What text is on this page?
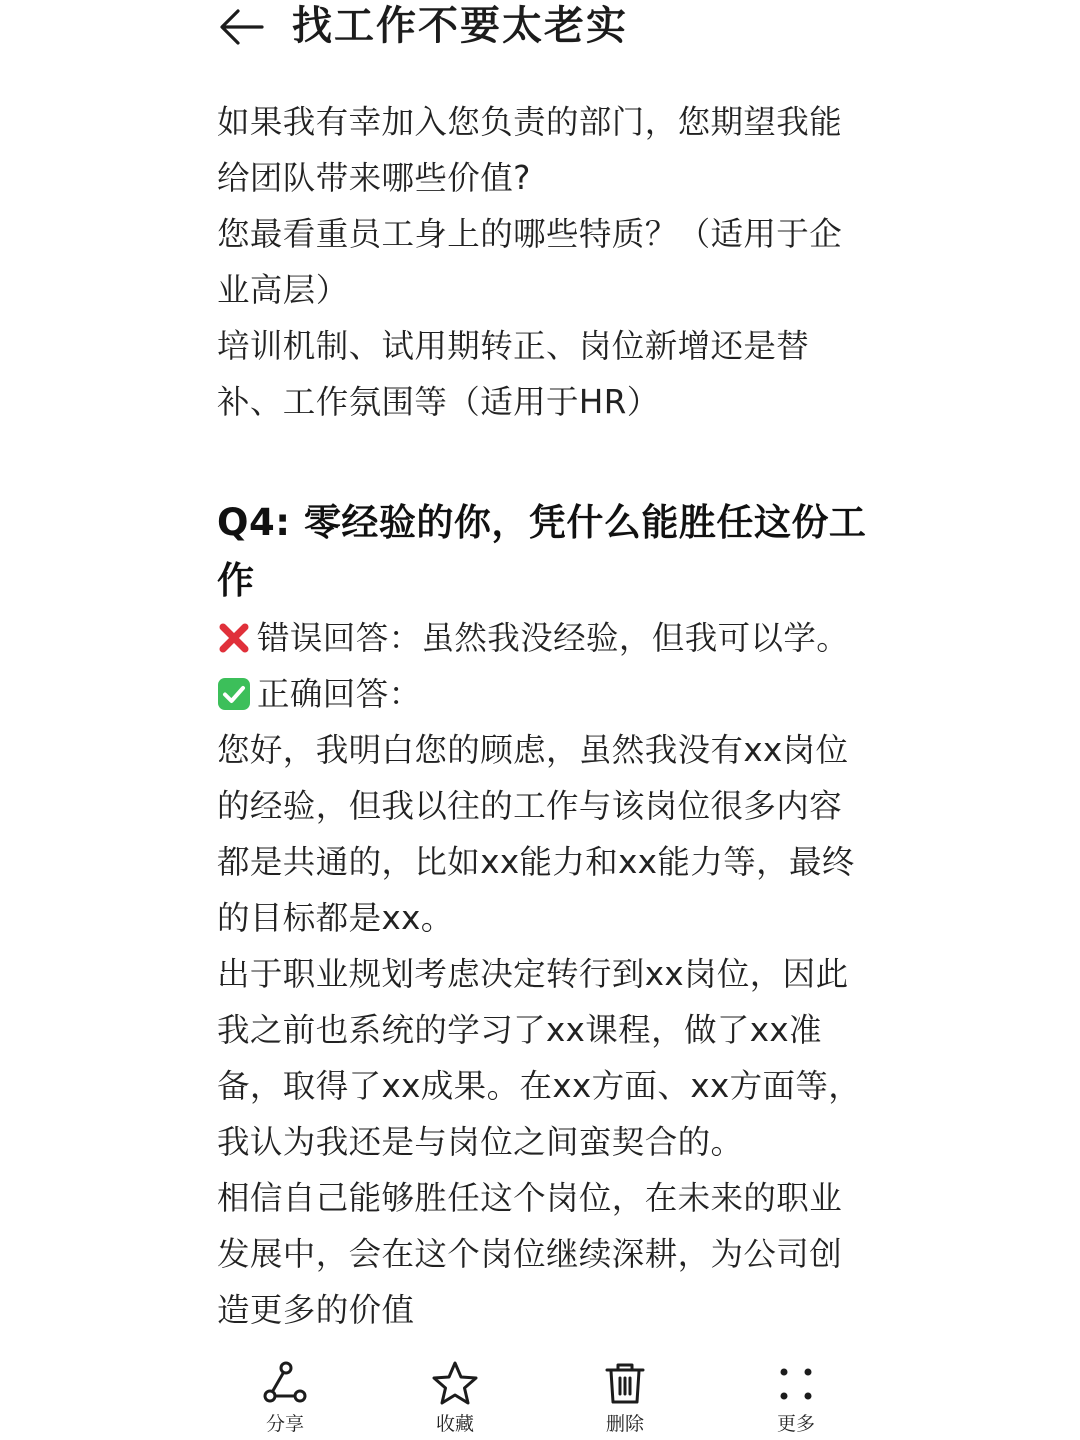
找工作不要太老实

如果我有幸加入您负责的部门，您期望我能给团队带来哪些价值?

您最看重员工身上的哪些特质？（适用于企业高层）

培训机制、试用期转正、岗位新增还是替补、工作氛围等（适用于HR）

Q4: 零经验的你，凭什么能胜任这份工作
错误回答：虽然我没经验，但我可以学。
正确回答：

您好，我明白您的顾虑，虽然我没有xx岗位的经验，但我以往的工作与该岗位很多内容都是共通的，比如xx能力和xx能力等，最终的目标都是xx。

出于职业规划考虑决定转行到xx岗位，因此我之前也系统的学习了xx课程，做了xx准备，取得了xx成果。在xx方面、xx方面等，我认为我还是与岗位之间蛮契合的。

相信自己能够胜任这个岗位，在未来的职业发展中，会在这个岗位继续深耕，为公司创造更多的价值

分享	收藏	删除	更多
